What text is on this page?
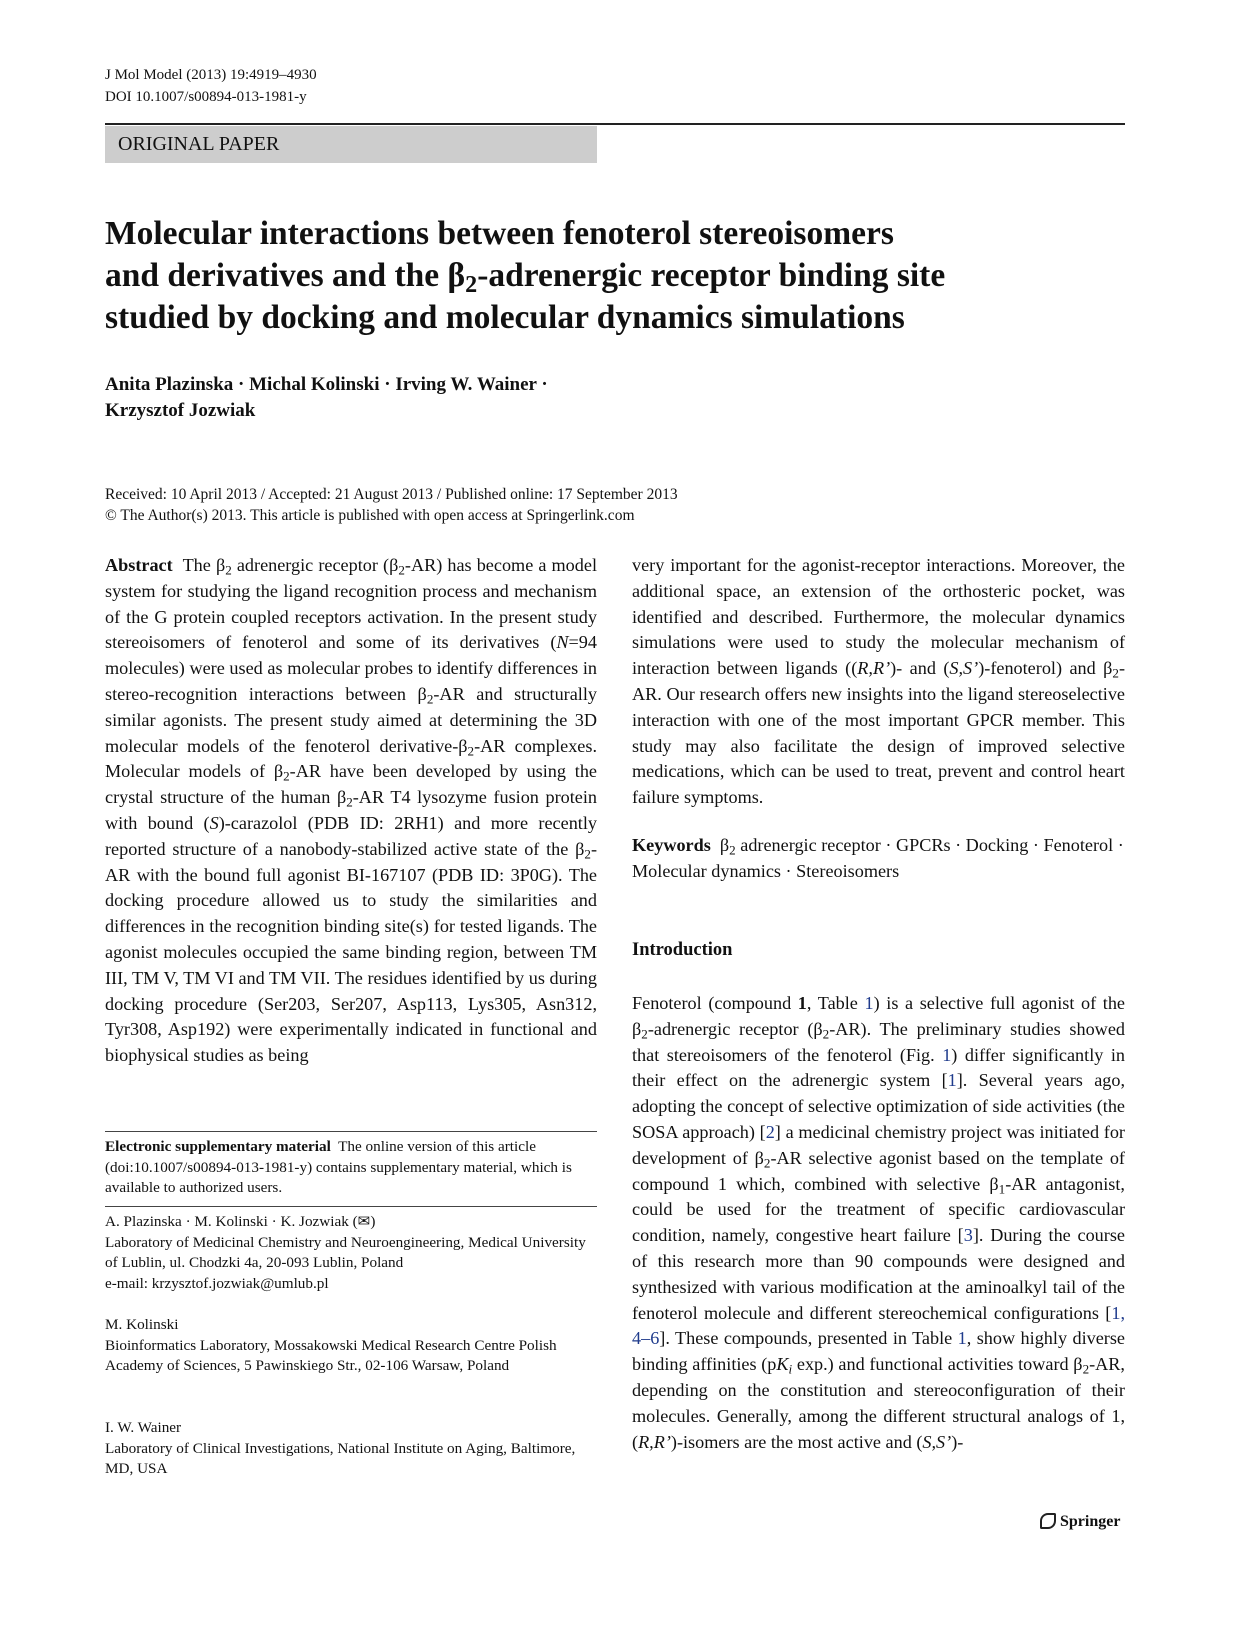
J Mol Model (2013) 19:4919–4930
DOI 10.1007/s00894-013-1981-y
ORIGINAL PAPER
Molecular interactions between fenoterol stereoisomers
and derivatives and the $\beta_2$-adrenergic receptor binding site
studied by docking and molecular dynamics simulations
Anita Plazinska · Michal Kolinski · Irving W. Wainer ·
Krzysztof Jozwiak
Received: 10 April 2013 / Accepted: 21 August 2013 / Published online: 17 September 2013
© The Author(s) 2013. This article is published with open access at Springerlink.com

Abstract The $\beta_2$ adrenergic receptor $(\beta_2-AR)$ has become a model system for studying the ligand recognition process and mechanism of the G protein coupled receptors activation. In the present study stereoisomers of fenoterol and some of its derivatives (N=94 molecules) were used as molecular probes to identify differences in stereo-recognition interactions between $\beta_2-AR$ and structurally similar agonists. The present study aimed at determining the 3D molecular models of the fenoterol derivative-$\beta_2-AR$ complexes. Molecular models of $\beta_2-AR$ have been developed by using the crystal structure of the human $\beta_2-AR$ T4 lysozyme fusion protein with bound (S)-carazolol (PDB ID: 2RH1) and more recently reported structure of a nanobody-stabilized active state of the $\beta_2-AR$ with the bound full agonist BI-167107 (PDB ID: 3P0G). The docking procedure allowed us to study the similarities and differences in the recognition binding site(s) for tested ligands. The agonist molecules occupied the same binding region, between TM III, TM V, TM VI and TM VII. The residues identified by us during docking procedure (Ser203, Ser207, Asp113, Lys305, Asn312, Tyr308, Asp192) were experimentally indicated in functional and biophysical studies as being

very important for the agonist-receptor interactions. Moreover, the additional space, an extension of the orthosteric pocket, was identified and described. Furthermore, the molecular dynamics simulations were used to study the molecular mechanism of interaction between ligands ((R,R’)- and (S,S’)-fenoterol) and $\beta_2-AR$. Our research offers new insights into the ligand stereoselective interaction with one of the most important GPCR member. This study may also facilitate the design of improved selective medications, which can be used to treat, prevent and control heart failure symptoms.

Keywords $\beta_2$ adrenergic receptor · GPCRs · Docking · Fenoterol · Molecular dynamics · Stereoisomers

Introduction

Fenoterol (compound 1, Table 1) is a selective full agonist of the $\beta_2$-adrenergic receptor $(\beta_2-AR)$. The preliminary studies showed that stereoisomers of the fenoterol (Fig. 1) differ significantly in their effect on the adrenergic system [1]. Several years ago, adopting the concept of selective optimization of side activities (the SOSA approach) [2] a medicinal chemistry project was initiated for development of $\beta_2-AR$ selective agonist based on the template of compound 1 which, combined with selective $\beta_1-AR$ antagonist, could be used for the treatment of specific cardiovascular condition, namely, congestive heart failure [3]. During the course of this research more than 90 compounds were designed and synthesized with various modification at the aminoalkyl tail of the fenoterol molecule and different stereochemical configurations [1, 4–6]. These compounds, presented in Table 1, show highly diverse binding affinities ($pK_i$ exp.) and functional activities toward $\beta_2-AR$, depending on the constitution and stereoconfiguration of their molecules. Generally, among the different structural analogs of 1, (R,R’)-isomers are the most active and (S,S’)-

Electronic supplementary material The online version of this article (doi:10.1007/s00894-013-1981-y) contains supplementary material, which is available to authorized users.
A. Plazinska · M. Kolinski · K. Jozwiak (✉)
Laboratory of Medicinal Chemistry and Neuroengineering, Medical University of Lublin, ul. Chodzki 4a, 20-093 Lublin, Poland
e-mail: krzysztof.jozwiak@umlub.pl
M. Kolinski
Bioinformatics Laboratory, Mossakowski Medical Research Centre Polish Academy of Sciences, 5 Pawinskiego Str., 02-106 Warsaw, Poland
I. W. Wainer
Laboratory of Clinical Investigations, National Institute on Aging, Baltimore, MD, USA
Springer
